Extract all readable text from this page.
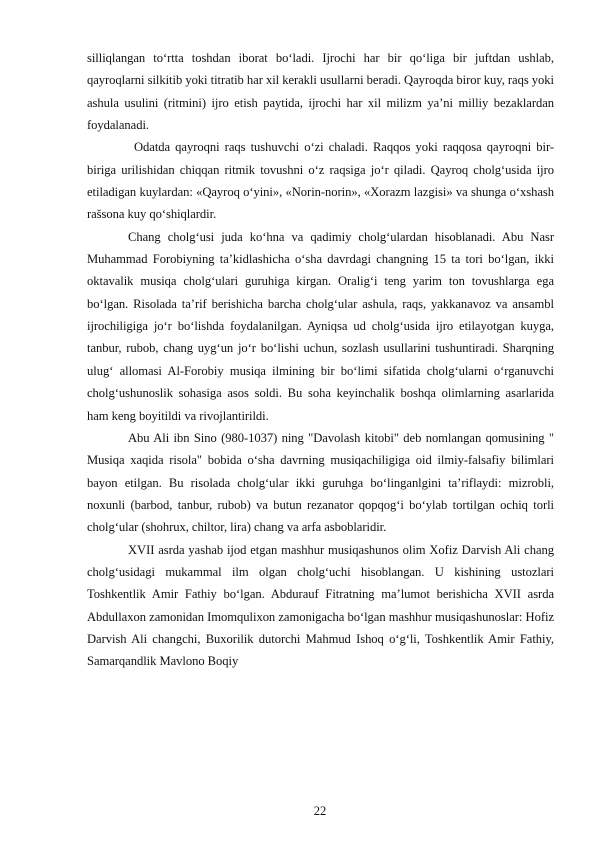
silliqlangan to‘rtta toshdan iborat bo‘ladi. Ijrochi har bir qo‘liga bir juftdan ushlab, qayroqlarni silkitib yoki titratib har xil kerakli usullarni beradi. Qayroqda biror kuy, raqs yoki ashula usulini (ritmini) ijro etish paytida, ijrochi har xil milizm ya’ni milliy bezaklardan foydalanadi.

Odatda qayroqni raqs tushuvchi o‘zi chaladi. Raqqos yoki raqqosa qayroqni bir-biriga urilishidan chiqqan ritmik tovushni o‘z raqsiga jo‘r qiladi. Qayroq cholg‘usida ijro etiladigan kuylardan: «Qayroq o‘yini», «Norin-norin», «Xorazm lazgisi» va shunga o‘xshash rašsona kuy qo‘shiqlardir.

Chang cholg‘usi juda ko‘hna va qadimiy cholg‘ulardan hisoblanadi. Abu Nasr Muhammad Forobiyning ta’kidlashicha o‘sha davrdagi changning 15 ta tori bo‘lgan, ikki oktavalik musiqa cholg‘ulari guruhiga kirgan. Oralig‘i teng yarim ton tovushlarga ega bo‘lgan. Risolada ta’rif berishicha barcha cholg‘ular ashula, raqs, yakkanavoz va ansambl ijrochiligiga jo‘r bo‘lishda foydalanilgan. Ayniqsa ud cholg‘usida ijro etilayotgan kuyga, tanbur, rubob, chang uyg‘un jo‘r bo‘lishi uchun, sozlash usullarini tushuntiradi. Sharqning ulug‘ allomasi Al-Forobiy musiqa ilmining bir bo‘limi sifatida cholg‘ularni o‘rganuvchi cholg‘ushunoslik sohasiga asos soldi. Bu soha keyinchalik boshqa olimlarning asarlarida ham keng boyitildi va rivojlantirildi.

Abu Ali ibn Sino (980-1037) ning "Davolash kitobi" deb nomlangan qomusining " Musiqa xaqida risola" bobida o‘sha davrning musiqachiligiga oid ilmiy-falsafiy bilimlari bayon etilgan. Bu risolada cholg‘ular ikki guruhga bo‘linganlgini ta’riflaydi: mizrobli, noxunli (barbod, tanbur, rubob) va butun rezanator qopqog‘i bo‘ylab tortilgan ochiq torli cholg‘ular (shohrux, chiltor, lira) chang va arfa asboblaridir.

XVII asrda yashab ijod etgan mashhur musiqashunos olim Xofiz Darvish Ali chang cholg‘usidagi mukammal ilm olgan cholg‘uchi hisoblangan. U kishining ustozlari Toshkentlik Amir Fathiy bo‘lgan. Abdurauf Fitratning ma’lumot berishicha XVII asrda Abdullaxon zamonidan Imomqulixon zamonigacha bo‘lgan mashhur musiqashunoslar: Hofiz Darvish Ali changchi, Buxorilik dutorchi Mahmud Ishoq o‘g‘li, Toshkentlik Amir Fathiy, Samarqandlik Mavlono Boqiy

22
